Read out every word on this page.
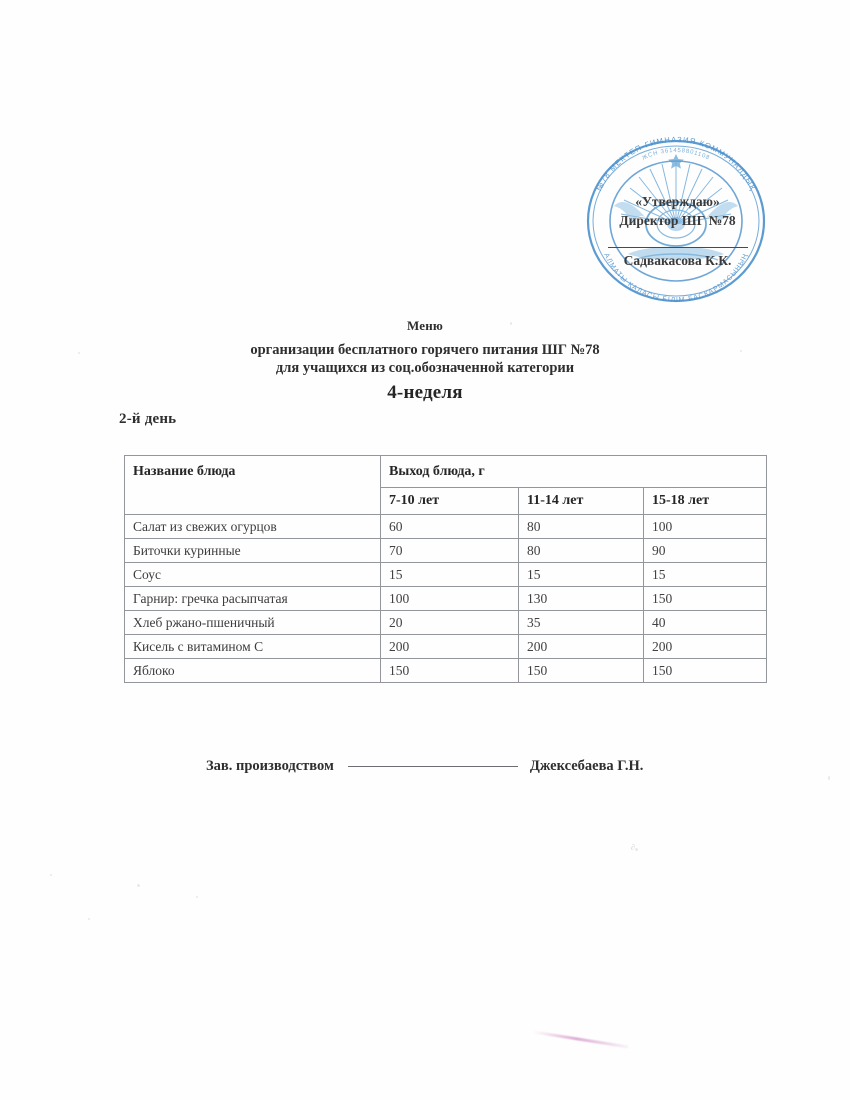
∂
№78 МЕКТЕП-ГИМНАЗИЯ КОММУНАЛДЫҚ
ЖСН 361458801108
АЛМАТЫ ҚАЛАСЫ БІЛІМ БАСҚАРМАСЫНЫҢ
«Утверждаю»
Директор ШГ №78
Садвакасова К.К.
Меню
организации бесплатного горячего питания ШГ №78
для учащихся из соц.обозначенной категории
4-неделя
2-й день
Название блюда	Выход блюда, г		
	7-10 лет	11-14 лет	15-18 лет
Салат из свежих огурцов	60	80	100
Биточки куринные	70	80	90
Соус	15	15	15
Гарнир: гречка расыпчатая	100	130	150
Хлеб ржано-пшеничный	20	35	40
Кисель с витамином С	200	200	200
Яблоко	150	150	150
Зав. производством	Джексебаева Г.Н.
